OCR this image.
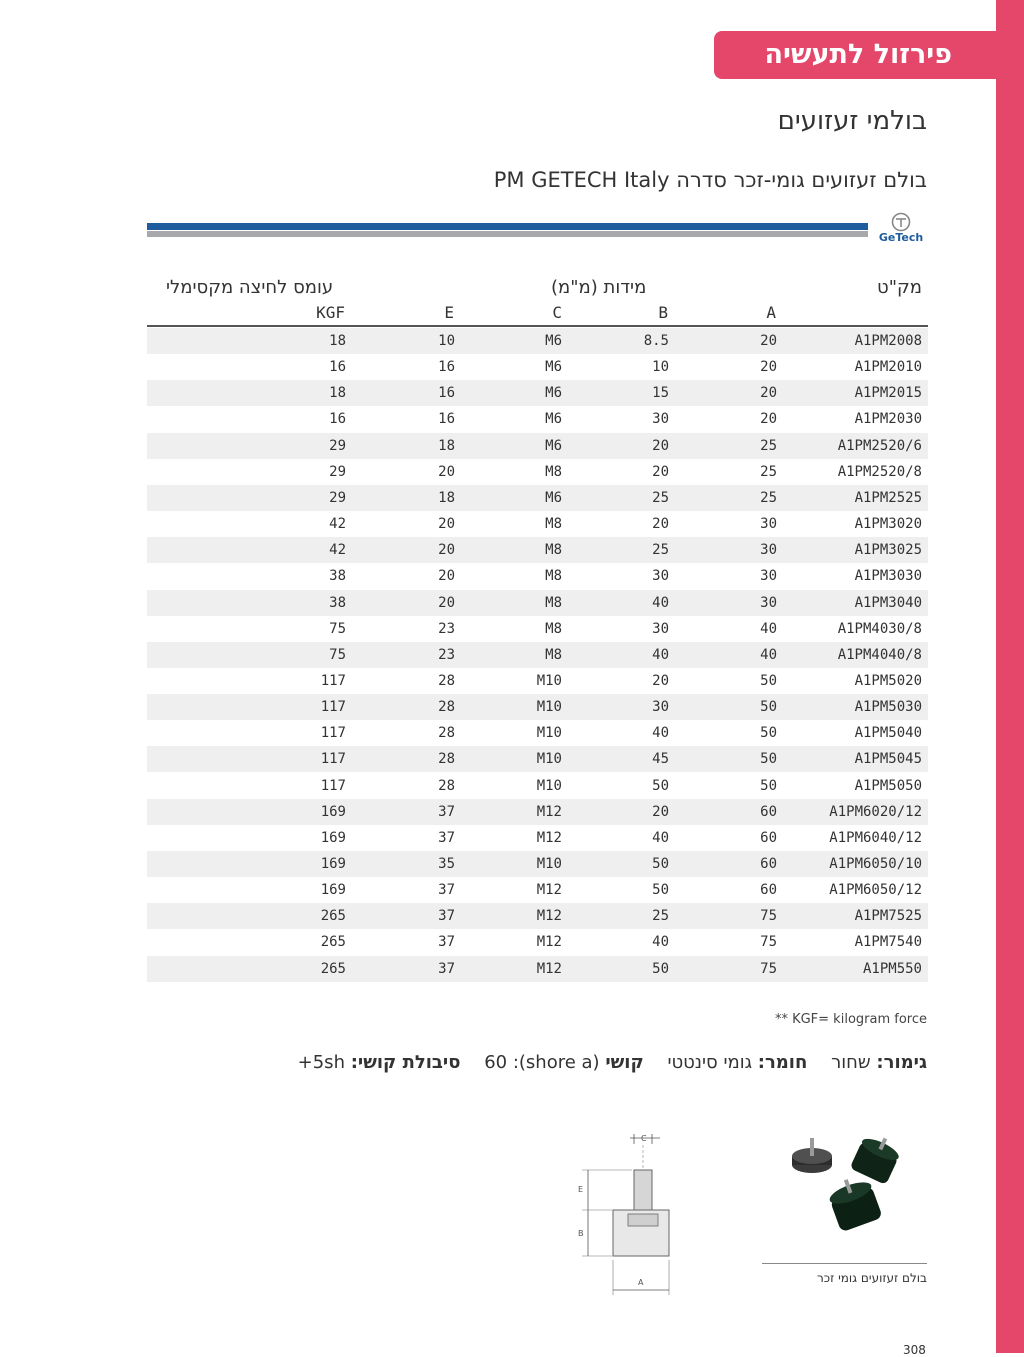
פירזול לתעשיה
בולמי זעזועים
בולם זעזועים גומי-זכר סדרה PM GETECH Italy
GeTech
מק"ט
מידות (מ"מ)
עומס לחיצה מקסימלי
A
B
C
E
KGF
18	10	M6	8.5	20	A1PM2008
16	16	M6	10	20	A1PM2010
18	16	M6	15	20	A1PM2015
16	16	M6	30	20	A1PM2030
29	18	M6	20	25	A1PM2520/6
29	20	M8	20	25	A1PM2520/8
29	18	M6	25	25	A1PM2525
42	20	M8	20	30	A1PM3020
42	20	M8	25	30	A1PM3025
38	20	M8	30	30	A1PM3030
38	20	M8	40	30	A1PM3040
75	23	M8	30	40	A1PM4030/8
75	23	M8	40	40	A1PM4040/8
117	28	M10	20	50	A1PM5020
117	28	M10	30	50	A1PM5030
117	28	M10	40	50	A1PM5040
117	28	M10	45	50	A1PM5045
117	28	M10	50	50	A1PM5050
169	37	M12	20	60	A1PM6020/12
169	37	M12	40	60	A1PM6040/12
169	35	M10	50	60	A1PM6050/10
169	37	M12	50	60	A1PM6050/12
265	37	M12	25	75	A1PM7525
265	37	M12	40	75	A1PM7540
265	37	M12	50	75	A1PM550
** KGF= kilogram force
גימור: שחור חומר: גומי סינטטי קושי (shore a): 60 סיבולת קושי: 5sh+
C
E
B
A	בולם זעזועים גומי זכר
308
